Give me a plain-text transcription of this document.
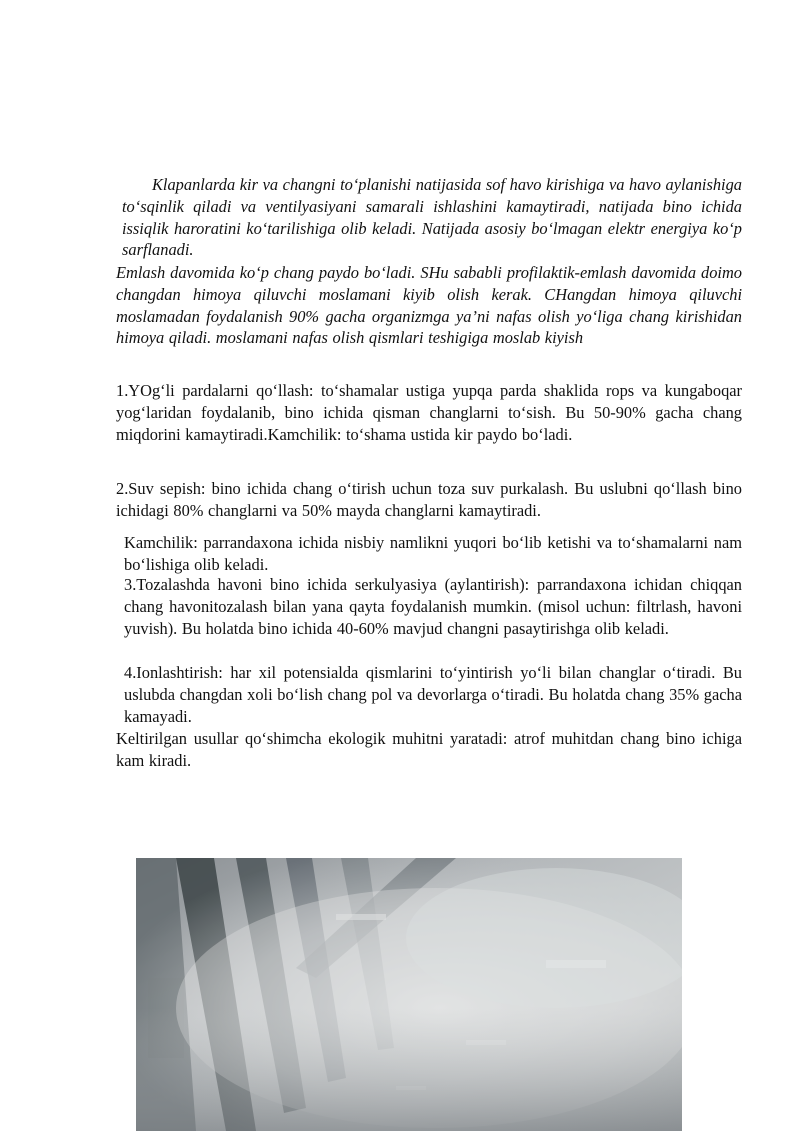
Klapanlarda kir va changni to‘planishi natijasida sof havo kirishiga va havo aylanishiga to‘sqinlik qiladi va ventilyasiyani samarali ishlashini kamaytiradi, natijada bino ichida issiqlik haroratini ko‘tarilishiga olib keladi. Natijada asosiy bo‘lmagan elektr energiya ko‘p sarflanadi.

Emlash davomida ko‘p chang paydo bo‘ladi. SHu sababli profilaktik-emlash davomida doimo changdan himoya qiluvchi moslamani kiyib olish kerak. CHangdan himoya qiluvchi moslamadan foydalanish 90% gacha organizmga ya’ni nafas olish yo‘liga chang kirishidan himoya qiladi. moslamani nafas olish qismlari teshigiga moslab kiyish

1.YOg‘li pardalarni qo‘llash: to‘shamalar ustiga yupqa parda shaklida rops va kungaboqar yog‘laridan foydalanib, bino ichida qisman changlarni to‘sish. Bu 50-90% gacha chang miqdorini kamaytiradi.Kamchilik: to‘shama ustida kir paydo bo‘ladi.

2.Suv sepish: bino ichida chang o‘tirish uchun toza suv purkalash. Bu uslubni qo‘llash bino ichidagi 80% changlarni va 50% mayda changlarni kamaytiradi.

Kamchilik: parrandaxona ichida nisbiy namlikni yuqori bo‘lib ketishi va to‘shamalarni nam bo‘lishiga olib keladi.

3.Tozalashda havoni bino ichida serkulyasiya (aylantirish): parrandaxona ichidan chiqqan chang havonitozalash bilan yana qayta foydalanish mumkin. (misol uchun: filtrlash, havoni yuvish). Bu holatda bino ichida 40-60% mavjud changni pasaytirishga olib keladi.

4.Ionlashtirish: har xil potensialda qismlarini to‘yintirish yo‘li bilan changlar o‘tiradi. Bu uslubda changdan xoli bo‘lish chang pol va devorlarga o‘tiradi. Bu holatda chang 35% gacha kamayadi.

Keltirilgan usullar qo‘shimcha ekologik muhitni yaratadi: atrof muhitdan chang bino ichiga kam kiradi.
